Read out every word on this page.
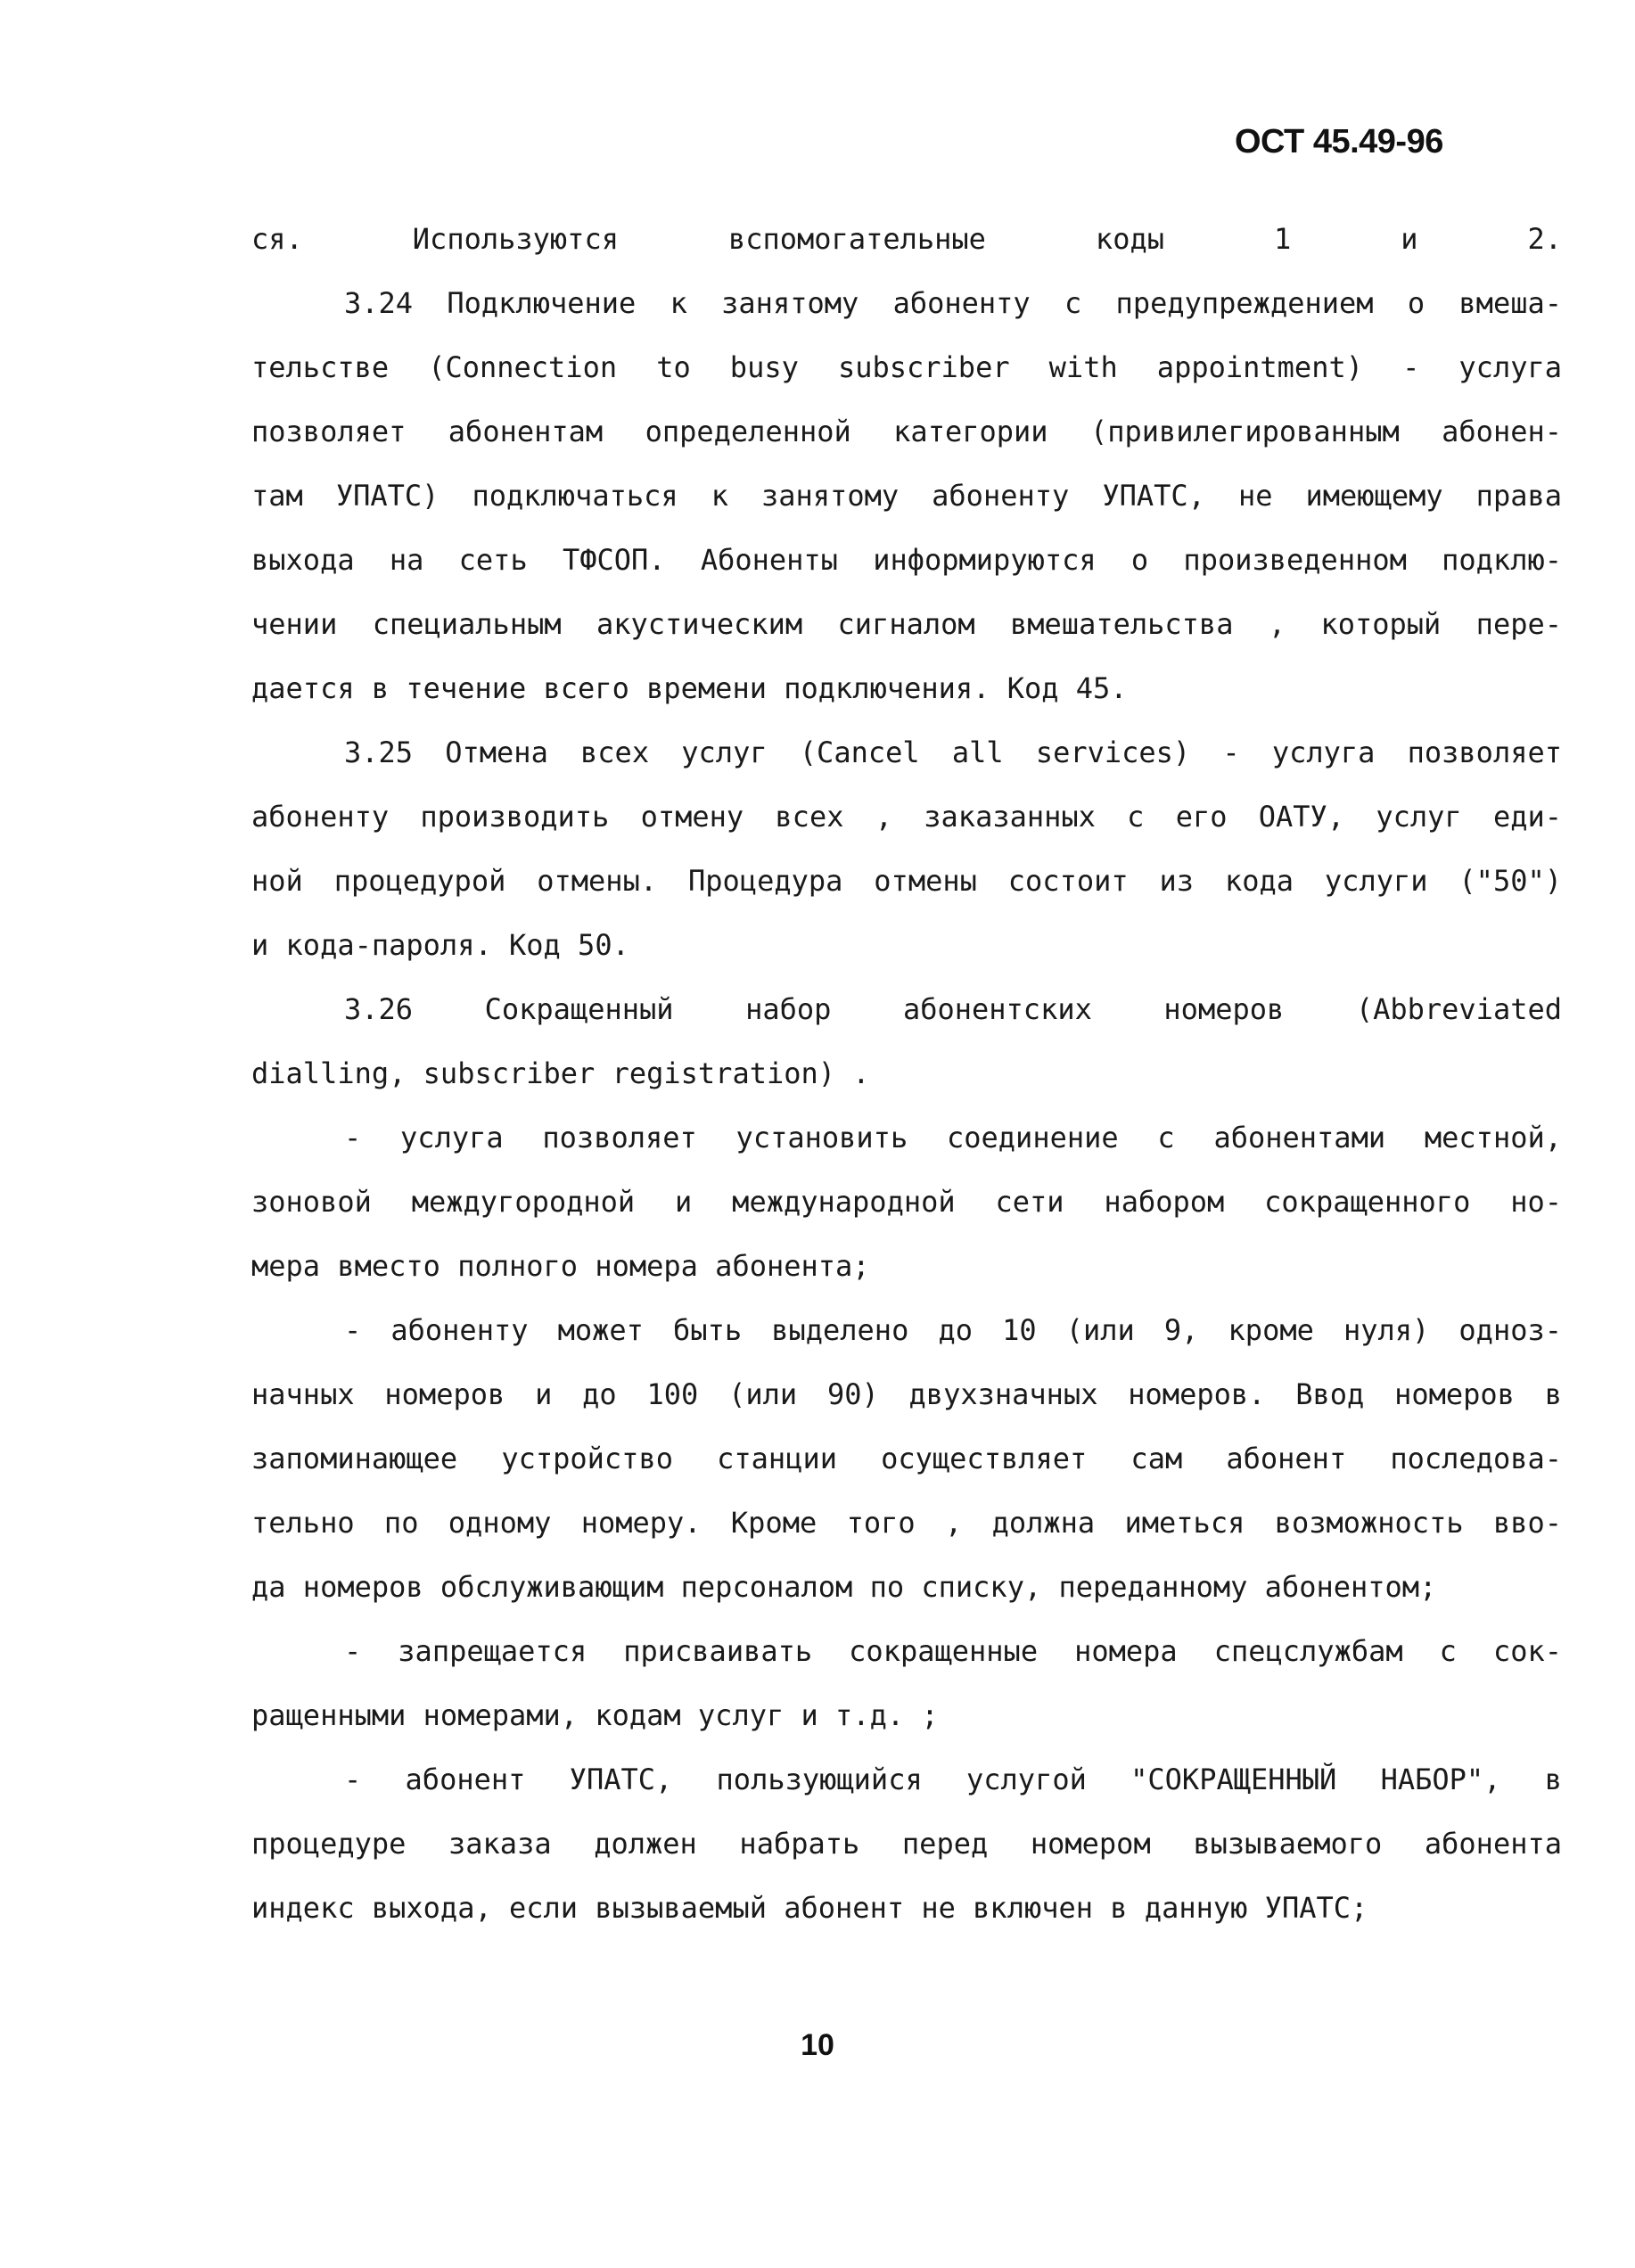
ОСТ 45.49-96
ся. Используются вспомогательные коды 1 и 2.
3.24 Подключение к занятому абоненту с предупреждением о вмеша-
тельстве (Connection to busy subscriber with appointment) - услуга
позволяет абонентам определенной категории (привилегированным абонен-
там УПАТС) подключаться к занятому абоненту УПАТС, не имеющему права
выхода на сеть ТФСОП. Абоненты информируются о произведенном подклю-
чении специальным акустическим сигналом вмешательства , который пере-
дается в течение всего времени подключения. Код 45.
3.25 Отмена всех услуг (Cancel all services) - услуга позволяет
абоненту производить отмену всех , заказанных с его ОАТУ, услуг еди-
ной процедурой отмены. Процедура отмены состоит из кода услуги ("50")
и кода-пароля. Код 50.
3.26 Сокращенный набор абонентских номеров (Abbreviated
dialling, subscriber registration) .
- услуга позволяет установить соединение с абонентами местной,
зоновой междугородной и международной сети набором сокращенного но-
мера вместо полного номера абонента;
- абоненту может быть выделено до 10 (или 9, кроме нуля) одноз-
начных номеров и до 100 (или 90) двухзначных номеров. Ввод номеров в
запоминающее устройство станции осуществляет сам абонент последова-
тельно по одному номеру. Кроме того , должна иметься возможность вво-
да номеров обслуживающим персоналом по списку, переданному абонентом;
- запрещается присваивать сокращенные номера спецслужбам с сок-
ращенными номерами, кодам услуг и т.д. ;
- абонент УПАТС, пользующийся услугой "СОКРАЩЕННЫЙ НАБОР", в
процедуре заказа должен набрать перед номером вызываемого абонента
индекс выхода, если вызываемый абонент не включен в данную УПАТС;
10
